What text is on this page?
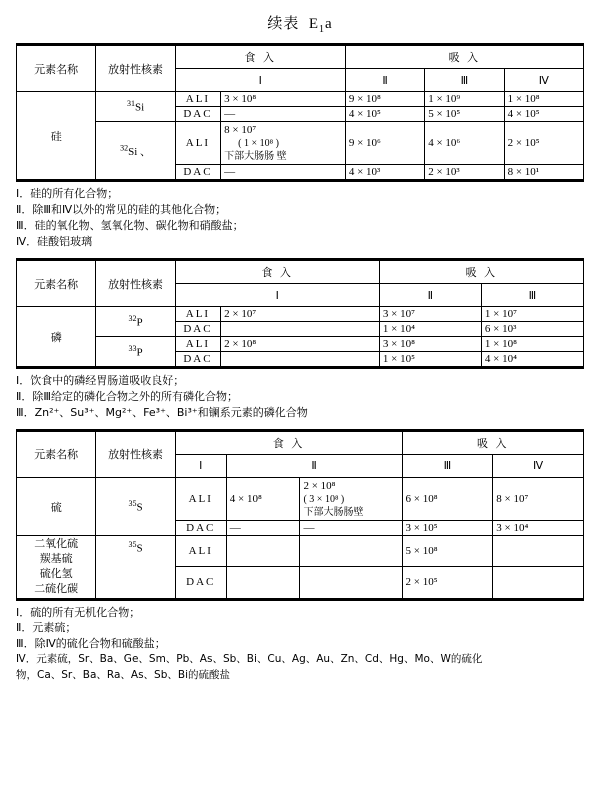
续表 $E_1a$
元素名称	放射性核素	食 入		吸 入		
		Ⅰ		Ⅱ	Ⅲ	Ⅳ
硅	$^{31}$Si	ALI	3 × 10⁸	9 × 10⁸	1 × 10⁹	1 × 10⁸
		DAC	—	4 × 10⁵	5 × 10⁵	4 × 10⁵
	$^{32}$Si 、	ALI	8 × 10⁷
( 1 × 10⁸ )
下部大肠肠 壁	9 × 10⁶	4 × 10⁶	2 × 10⁵
		DAC	—	4 × 10³	2 × 10³	8 × 10¹
Ⅰ．硅的所有化合物；
Ⅱ．除Ⅲ和Ⅳ以外的常见的硅的其他化合物；
Ⅲ．硅的氧化物、氢氧化物、碳化物和硝酸盐；
Ⅳ．硅酸铝玻璃
元素名称	放射性核素	食 入		吸 入	
		Ⅰ		Ⅱ	Ⅲ
磷	$^{32}$P	ALI	2 × 10⁷	3 × 10⁷	1 × 10⁷
		DAC		1 × 10⁴	6 × 10³
	$^{33}$P	ALI	2 × 10⁸	3 × 10⁸	1 × 10⁸
		DAC		1 × 10⁵	4 × 10⁴
Ⅰ．饮食中的磷经胃肠道吸收良好；
Ⅱ．除Ⅲ给定的磷化合物之外的所有磷化合物；
Ⅲ．Zn²⁺、Su³⁺、Mg²⁺、Fe³⁺、Bi³⁺和镧系元素的磷化合物
元素名称	放射性核素	食 入			吸 入	
		Ⅰ	Ⅱ		Ⅲ	Ⅳ
硫	$^{35}$S	ALI	4 × 10⁸	2 × 10⁸
( 3 × 10⁸ )
下部大肠肠壁	6 × 10⁸	8 × 10⁷
		DAC	—	—	3 × 10⁵	3 × 10⁴

二氧化硫
羰基硫
硫化氢
二硫化碳	$^{35}$S	ALI			5 × 10⁸	
		DAC			2 × 10⁵	
Ⅰ．硫的所有无机化合物；
Ⅱ．元素硫；
Ⅲ．除Ⅳ的硫化合物和硫酸盐；
Ⅳ．元素硫，Sr、Ba、Ge、Sm、Pb、As、Sb、Bi、Cu、Ag、Au、Zn、Cd、Hg、Mo、W的硫化
物，Ca、Sr、Ba、Ra、As、Sb、Bi的硫酸盐
